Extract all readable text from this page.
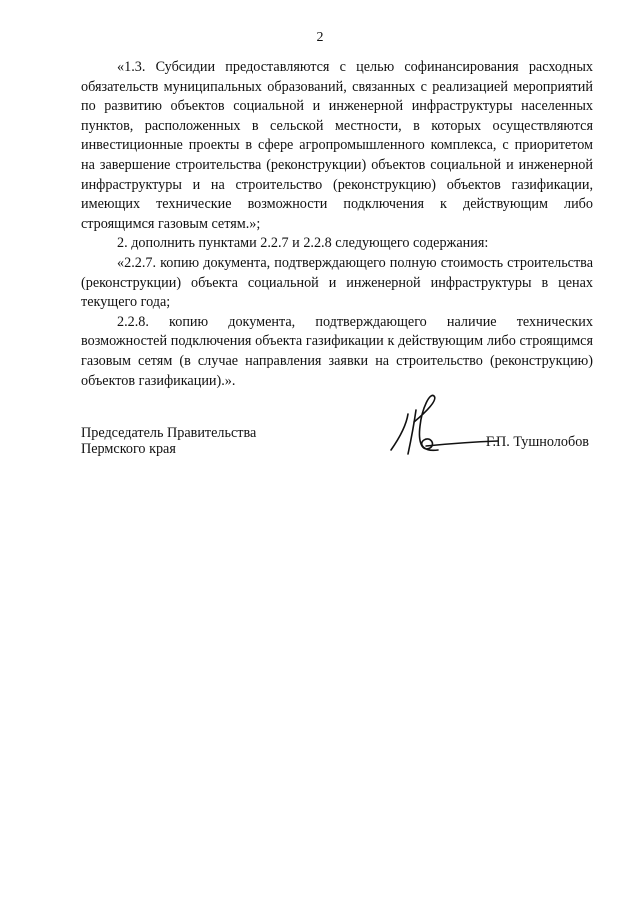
2

«1.3. Субсидии предоставляются с целью софинансирования расходных обязательств муниципальных образований, связанных с реализацией мероприятий по развитию объектов социальной и инженерной инфраструктуры населенных пунктов, расположенных в сельской местности, в которых осуществляются инвестиционные проекты в сфере агропромышленного комплекса, с приоритетом на завершение строительства (реконструкции) объектов социальной и инженерной инфраструктуры и на строительство (реконструкцию) объектов газификации, имеющих технические возможности подключения к действующим либо строящимся газовым сетям.»;

2. дополнить пунктами 2.2.7 и 2.2.8 следующего содержания:

«2.2.7. копию документа, подтверждающего полную стоимость строительства (реконструкции) объекта социальной и инженерной инфраструктуры в ценах текущего года;

2.2.8. копию документа, подтверждающего наличие технических возможностей подключения объекта газификации к действующим либо строящимся газовым сетям (в случае направления заявки на строительство (реконструкцию) объектов газификации).».

Председатель Правительства
Пермского края	Г.П. Тушнолобов
